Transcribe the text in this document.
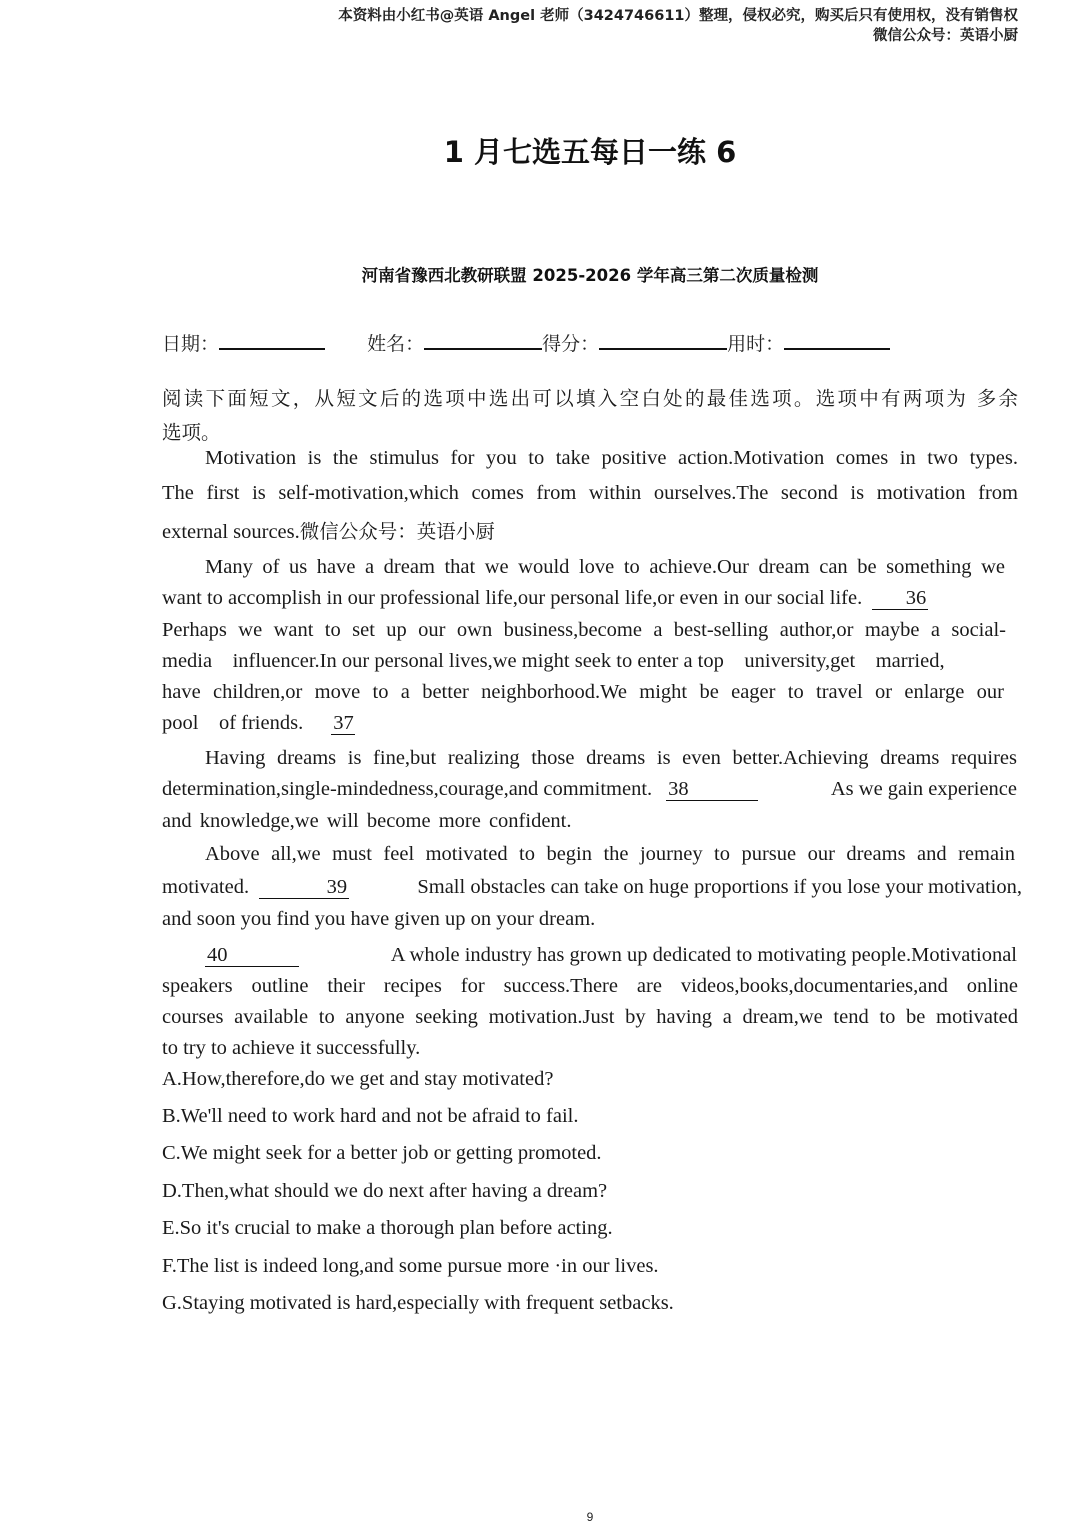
本资料由小红书@英语 Angel 老师（3424746611）整理，侵权必究，购买后只有使用权，没有销售权
微信公众号：英语小厨
1 月七选五每日一练 6
河南省豫西北教研联盟 2025-2026 学年高三第二次质量检测
日期：	姓名：	得分：	用时：
阅读下面短文，从短文后的选项中选出可以填入空白处的最佳选项。选项中有两项为 多余
选项。
Motivation is the stimulus for you to take positive action.Motivation comes in two types.
The first is self-motivation,which comes from within ourselves.The second is motivation from
external sources.微信公众号：英语小厨
Many of us have a dream that we would love to achieve.Our dream can be something we
want to accomplish in our professional life,our personal life,or even in our social life. 36
Perhaps we want to set up our own business,become a best-selling author,or maybe a social-
media    influencer.In our personal lives,we might seek to enter a top    university,get    married,
have children,or move to a better neighborhood.We might be eager to travel or enlarge our
pool    of friends. 37
Having dreams is fine,but realizing those dreams is even better.Achieving dreams requires
determination,single-mindedness,courage,and commitment. 38	As we gain experience
and knowledge,we will become more confident.
Above all,we must feel motivated to begin the journey to pursue our dreams and remain
motivated.	39	Small obstacles can take on huge proportions if you lose your motivation,
and soon you find you have given up on your dream.
40	A whole industry has grown up dedicated to motivating people.Motivational
speakers outline their recipes for success.There are videos,books,documentaries,and online
courses available to anyone seeking motivation.Just by having a dream,we tend to be motivated
to try to achieve it successfully.
A.How,therefore,do we get and stay motivated?
B.We'll need to work hard and not be afraid to fail.
C.We might seek for a better job or getting promoted.
D.Then,what should we do next after having a dream?
E.So it's crucial to make a thorough plan before acting.
F.The list is indeed long,and some pursue more ·in our lives.
G.Staying motivated is hard,especially with frequent setbacks.
9
